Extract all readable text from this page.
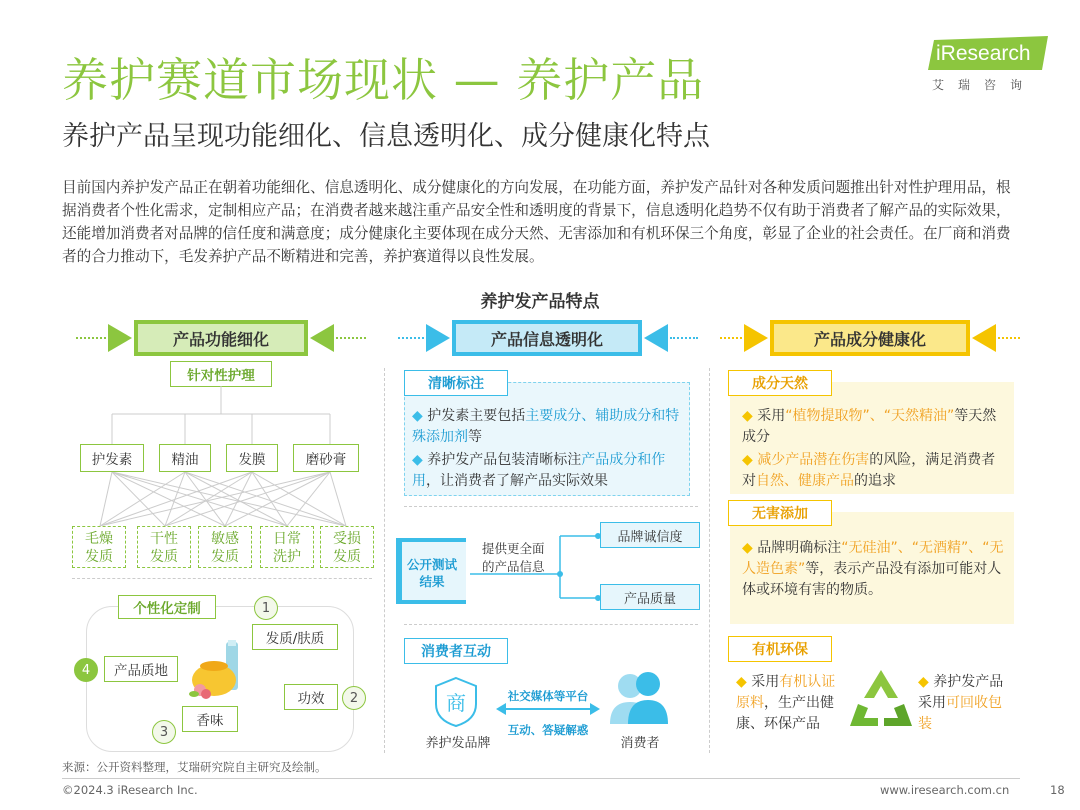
养护赛道市场现状 — 养护产品
养护产品呈现功能细化、信息透明化、成分健康化特点
iResearch
艾瑞咨询
目前国内养护发产品正在朝着功能细化、信息透明化、成分健康化的方向发展，在功能方面，养护发产品针对各种发质问题推出针对性护理用品，根据消费者个性化需求，定制相应产品；在消费者越来越注重产品安全性和透明度的背景下，信息透明化趋势不仅有助于消费者了解产品的实际效果，还能增加消费者对品牌的信任度和满意度；成分健康化主要体现在成分天然、无害添加和有机环保三个角度，彰显了企业的社会责任。在厂商和消费者的合力推动下，毛发养护产品不断精进和完善，养护赛道得以良性发展。
养护发产品特点
产品功能细化
针对性护理
护发素	精油	发膜	磨砂膏
毛燥
发质
干性
发质
敏感
发质
日常
洗护
受损
发质
个性化定制	1
发质/肤质
2
功效
3
香味
4	产品质地
产品信息透明化
清晰标注
◆ 护发素主要包括主要成分、辅助成分和特殊添加剂等
◆ 养护发产品包装清晰标注产品成分和作用，让消费者了解产品实际效果
公开测试结果
提供更全面的产品信息
品牌诚信度
产品质量
消费者互动
商
养护发品牌
社交媒体等平台
互动、答疑解惑
消费者
产品成分健康化
成分天然
◆ 采用“植物提取物”、“天然精油”等天然成分
◆ 减少产品潜在伤害的风险，满足消费者对自然、健康产品的追求
无害添加
◆ 品牌明确标注“无硅油”、“无酒精”、“无人造色素”等，表示产品没有添加可能对人体或环境有害的物质。
有机环保
◆ 采用有机认证原料，生产出健康、环保产品
◆ 养护发产品采用可回收包装
来源：公开资料整理，艾瑞研究院自主研究及绘制。
©2024.3 iResearch Inc.	www.iresearch.com.cn	18
